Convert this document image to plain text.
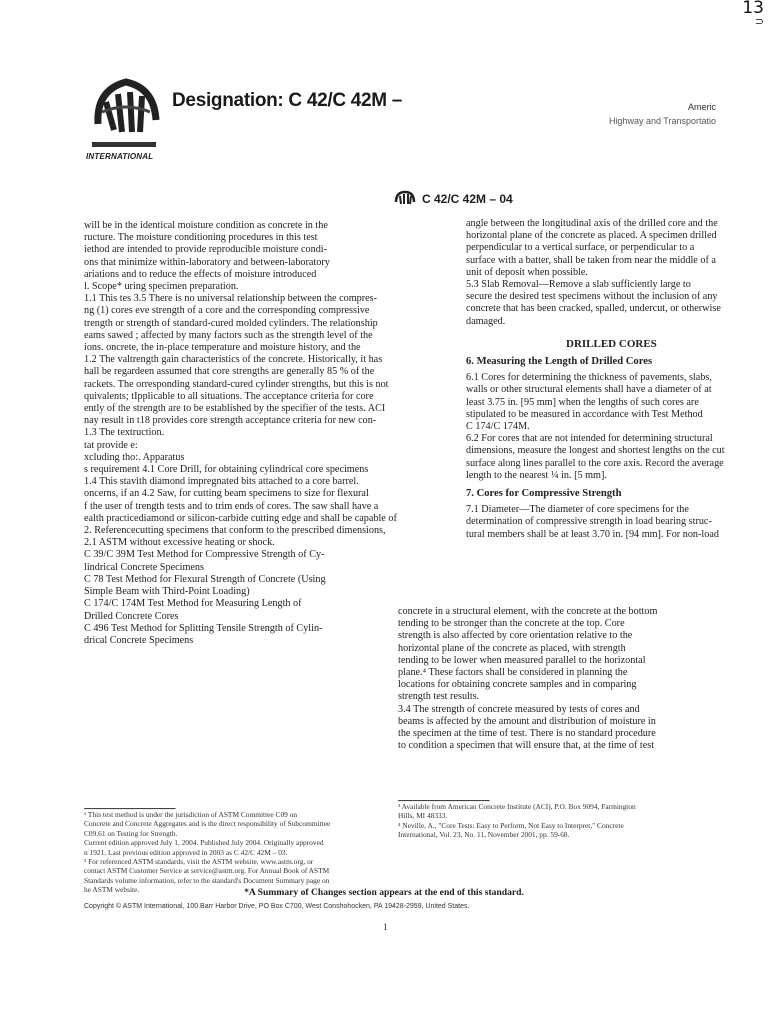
13
⊃
INTERNATIONAL
Designation: C 42/C 42M –	Americ
Highway and Transportatio
C 42/C 42M – 04

will be in the identical moisture condition as concrete in the

ructure. The moisture conditioning procedures in this test

iethod are intended to provide reproducible moisture condi-

ons that minimize within-laboratory and between-laboratory

ariations and to reduce the effects of moisture introduced

l. Scope* uring specimen preparation.

1.1 This tes 3.5 There is no universal relationship between the compres-

ng (1) cores eve strength of a core and the corresponding compressive

trength or strength of standard-cured molded cylinders. The relationship

eams sawed ; affected by many factors such as the strength level of the

ions. oncrete, the in-place temperature and moisture history, and the

1.2 The valtrength gain characteristics of the concrete. Historically, it has

hall be regardeen assumed that core strengths are generally 85 % of the

rackets. The orresponding standard-cured cylinder strengths, but this is not

quivalents; tIpplicable to all situations. The acceptance criteria for core

ently of the strength are to be established by the specifier of the tests. ACI

nay result in t18 provides core strength acceptance criteria for new con-

1.3 The textruction.

tat provide e:

xcluding tho:. Apparatus

s requirement 4.1 Core Drill, for obtaining cylindrical core specimens

1.4 This stavith diamond impregnated bits attached to a core barrel.

oncerns, if an 4.2 Saw, for cutting beam specimens to size for flexural

f the user of trength tests and to trim ends of cores. The saw shall have a

ealth practicediamond or silicon-carbide cutting edge and shall be capable of

2. Referencecutting specimens that conform to the prescribed dimensions,

2.1 ASTM without excessive heating or shock.

C 39/C 39M Test Method for Compressive Strength of Cy-

lindrical Concrete Specimens

C 78 Test Method for Flexural Strength of Concrete (Using

Simple Beam with Third-Point Loading)

C 174/C 174M Test Method for Measuring Length of

Drilled Concrete Cores

C 496 Test Method for Splitting Tensile Strength of Cylin-

drical Concrete Specimens

angle between the longitudinal axis of the drilled core and the

horizontal plane of the concrete as placed. A specimen drilled

perpendicular to a vertical surface, or perpendicular to a

surface with a batter, shall be taken from near the middle of a

unit of deposit when possible.

5.3 Slab Removal—Remove a slab sufficiently large to

secure the desired test specimens without the inclusion of any

concrete that has been cracked, spalled, undercut, or otherwise

damaged.

DRILLED CORES

6. Measuring the Length of Drilled Cores

6.1 Cores for determining the thickness of pavements, slabs,

walls or other structural elements shall have a diameter of at

least 3.75 in. [95 mm] when the lengths of such cores are

stipulated to be measured in accordance with Test Method

C 174/C 174M.

6.2 For cores that are not intended for determining structural

dimensions, measure the longest and shortest lengths on the cut

surface along lines parallel to the core axis. Record the average

length to the nearest ¼ in. [5 mm].

7. Cores for Compressive Strength

7.1 Diameter—The diameter of core specimens for the

determination of compressive strength in load bearing struc-

tural members shall be at least 3.70 in. [94 mm]. For non-load

concrete in a structural element, with the concrete at the bottom

tending to be stronger than the concrete at the top. Core

strength is also affected by core orientation relative to the

horizontal plane of the concrete as placed, with strength

tending to be lower when measured parallel to the horizontal

plane.⁴ These factors shall be considered in planning the

locations for obtaining concrete samples and in comparing

strength test results.

3.4 The strength of concrete measured by tests of cores and

beams is affected by the amount and distribution of moisture in

the specimen at the time of test. There is no standard procedure

to condition a specimen that will ensure that, at the time of test

¹ This test method is under the jurisdiction of ASTM Committee C09 on

Concrete and Concrete Aggregates and is the direct responsibility of Subcommittee

C09.61 on Testing for Strength.

Current edition approved July 1, 2004. Published July 2004. Originally approved

n 1921. Last previous edition approved in 2003 as C 42/C 42M – 03.

² For referenced ASTM standards, visit the ASTM website, www.astm.org, or

contact ASTM Customer Service at service@astm.org. For Annual Book of ASTM

Standards volume information, refer to the standard's Document Summary page on

he ASTM website.

³ Available from American Concrete Institute (ACI), P.O. Box 9094, Farmington

Hills, MI 48333.

⁴ Neville, A., "Core Tests: Easy to Perform, Not Easy to Interpret," Concrete

International, Vol. 23, No. 11, November 2001, pp. 59-68.

*A Summary of Changes section appears at the end of this standard.
Copyright © ASTM International, 100 Barr Harbor Drive, PO Box C700, West Conshohocken, PA 19428-2959, United States.
1
